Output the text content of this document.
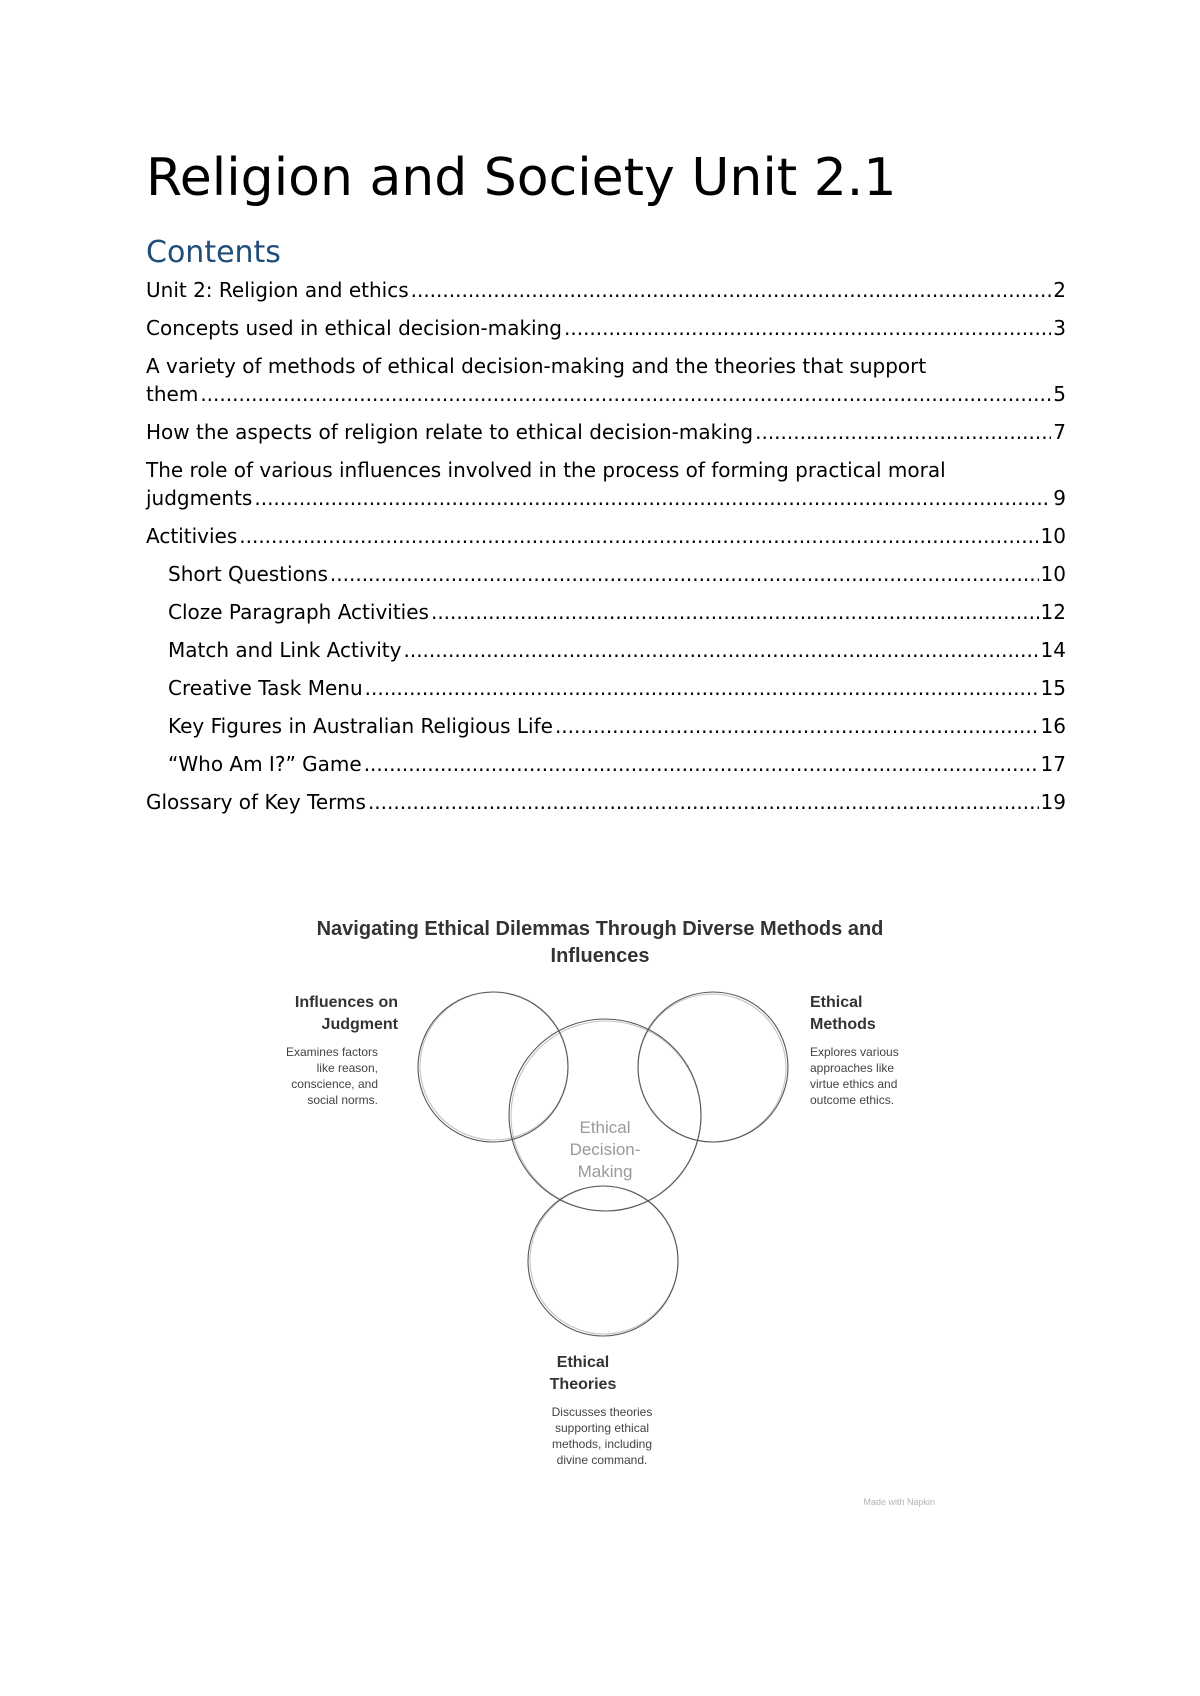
Religion and Society Unit 2.1
Contents
Unit 2: Religion and ethics .....	2
Concepts used in ethical decision-making .....	3
A variety of methods of ethical decision-making and the theories that support
them .....	5
How the aspects of religion relate to ethical decision-making .....	7
The role of various influences involved in the process of forming practical moral
judgments .....	9
Actitivies .....	10
Short Questions .....	10
Cloze Paragraph Activities .....	12
Match and Link Activity .....	14
Creative Task Menu .....	15
Key Figures in Australian Religious Life .....	16
“Who Am I?” Game .....	17
Glossary of Key Terms .....	19
Navigating Ethical Dilemmas Through Diverse Methods and
Influences
Ethical
Decision-
Making
Influences on
Judgment
Examines factors
like reason,
conscience, and
social norms.
Ethical
Methods
Explores various
approaches like
virtue ethics and
outcome ethics.
Ethical
Theories
Discusses theories
supporting ethical
methods, including
divine command.
Made with Napkin
